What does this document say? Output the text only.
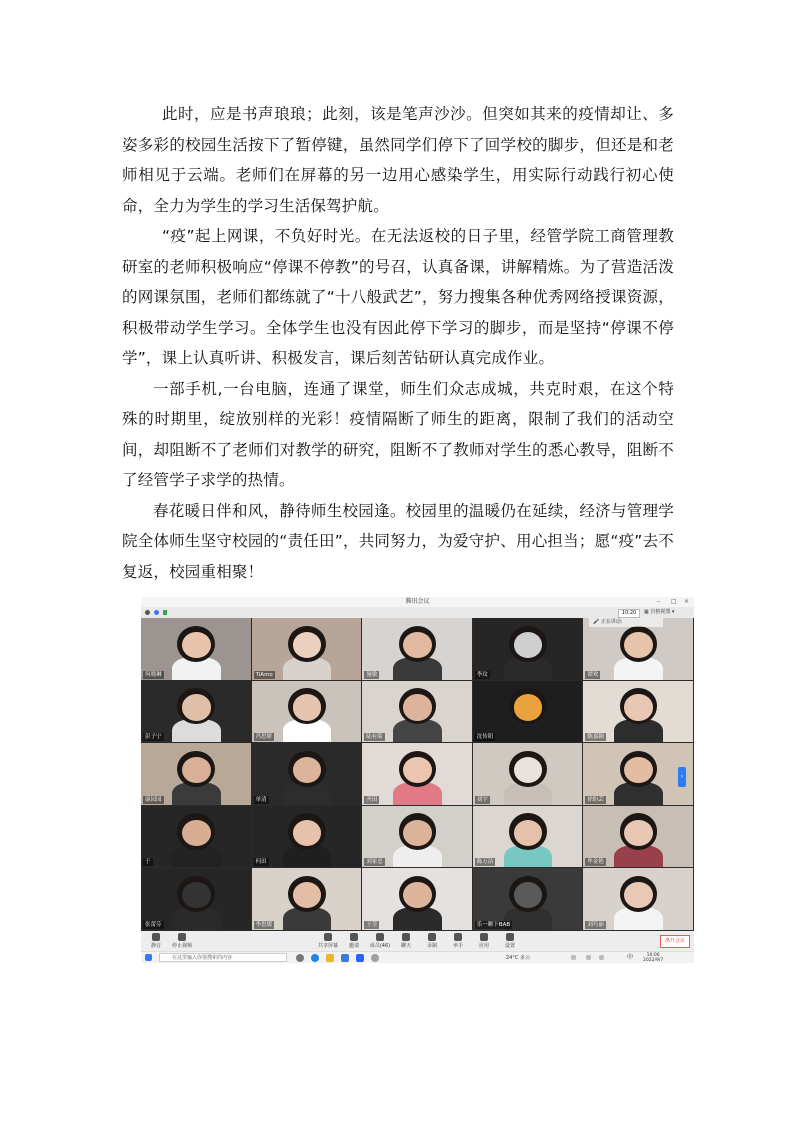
此时，应是书声琅琅；此刻，该是笔声沙沙。但突如其来的疫情却让、多姿多彩的校园生活按下了暂停键，虽然同学们停下了回学校的脚步，但还是和老师相见于云端。老师们在屏幕的另一边用心感染学生，用实际行动践行初心使命，全力为学生的学习生活保驾护航。

“疫”起上网课，不负好时光。在无法返校的日子里，经管学院工商管理教研室的老师积极响应“停课不停教”的号召，认真备课，讲解精炼。为了营造活泼的网课氛围，老师们都练就了“十八般武艺”，努力搜集各种优秀网络授课资源，积极带动学生学习。全体学生也没有因此停下学习的脚步，而是坚持“停课不停学”，课上认真听讲、积极发言，课后刻苦钻研认真完成作业。

一部手机,一台电脑，连通了课堂，师生们众志成城，共克时艰，在这个特殊的时期里，绽放别样的光彩！疫情隔断了师生的距离，限制了我们的活动空间，却阻断不了老师们对教学的研究，阻断不了教师对学生的悉心教导，阻断不了经管学子求学的热情。

春花暖日伴和风，静待师生校园逢。校园里的温暖仍在延续，经济与管理学院全体师生坚守校园的“责任田”，共同努力，为爱守护、用心担当；愿“疫”去不复返，校园重相聚！

腾讯会议	– □ ×
10:20	▦ 宫格视图 ▾
何晓琳	TiAmo	施敏	李玟	谭欢
彭子宁	冯思娇	陆有菊	沈传阳	陈嘉颖
康园园	单清	齐田	刘宇	徐盼芸
于	何田	刘家忠	陈万洁	牟金艳
张蕾芬	李思媛	王莹	乐一颗下BAB	刘巧丽
🎤 正在讲话:
›
离开会议
静音	停止视频	共享屏幕	邀请	成员(46)	聊天	录制	举手	应用	设置
在这里输入你要搜索的内容	24°C 多云	中	10:06
2022/9/7
